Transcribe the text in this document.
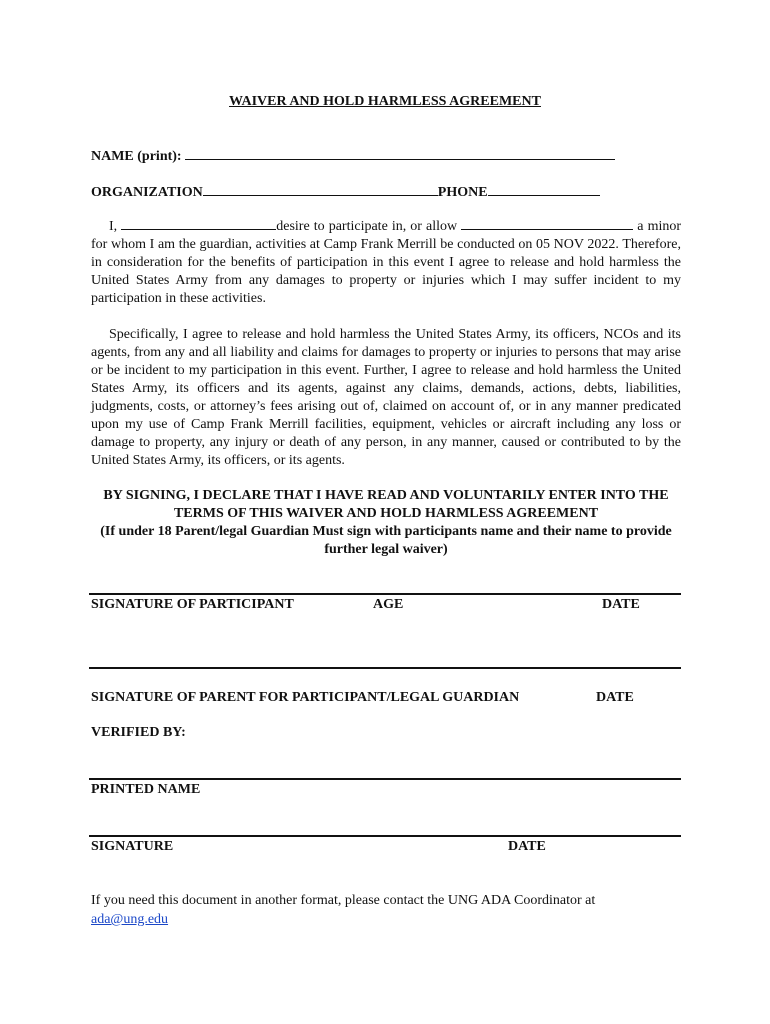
WAIVER AND HOLD HARMLESS AGREEMENT
NAME (print):
ORGANIZATION	PHONE
I,	desire to participate in, or allow	a minor for whom I am the guardian, activities at Camp Frank Merrill be conducted on 05 NOV 2022. Therefore, in consideration for the benefits of participation in this event I agree to release and hold harmless the United States Army from any damages to property or injuries which I may suffer incident to my participation in these activities.
Specifically, I agree to release and hold harmless the United States Army, its officers, NCOs and its agents, from any and all liability and claims for damages to property or injuries to persons that may arise or be incident to my participation in this event. Further, I agree to release and hold harmless the United States Army, its officers and its agents, against any claims, demands, actions, debts, liabilities, judgments, costs, or attorney’s fees arising out of, claimed on account of, or in any manner predicated upon my use of Camp Frank Merrill facilities, equipment, vehicles or aircraft including any loss or damage to property, any injury or death of any person, in any manner, caused or contributed to by the United States Army, its officers, or its agents.
BY SIGNING, I DECLARE THAT I HAVE READ AND VOLUNTARILY ENTER INTO THE TERMS OF THIS WAIVER AND HOLD HARMLESS AGREEMENT
(If under 18 Parent/legal Guardian Must sign with participants name and their name to provide further legal waiver)
SIGNATURE OF PARTICIPANT	AGE	DATE
SIGNATURE OF PARENT FOR PARTICIPANT/LEGAL GUARDIAN	DATE
VERIFIED BY:
PRINTED NAME
SIGNATURE	DATE
If you need this document in another format, please contact the UNG ADA Coordinator at
ada@ung.edu
